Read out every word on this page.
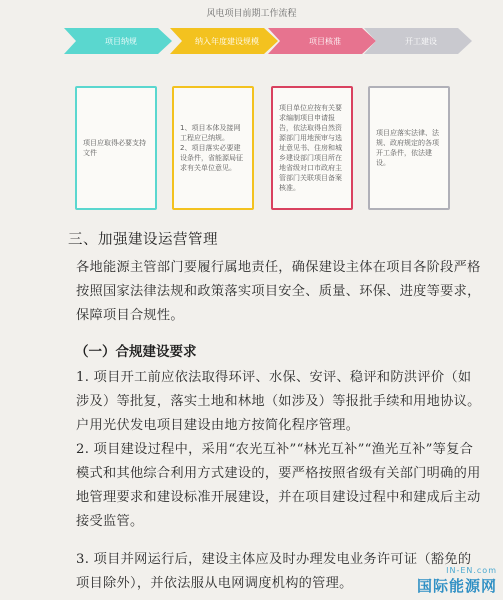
风电项目前期工作流程
项目纳规	纳入年度建设规模	项目核准	开工建设
项目应取得必要支持文件
1、项目本体及接网工程应已纳规。
2、项目落实必要建设条件，省能源局征求有关单位意见。
项目单位应按有关要求编制项目申请报告，依法取得自然资源部门用地预审与选址意见书、住房和城乡建设部门项目所在地省级对口市政府主管部门关联项目备案核准。
项目应落实法律、法规、政府规定的各项开工条件，依法建设。
三、加强建设运营管理
各地能源主管部门要履行属地责任，确保建设主体在项目各阶段严格按照国家法律法规和政策落实项目安全、质量、环保、进度等要求，保障项目合规性。
（一）合规建设要求
1. 项目开工前应依法取得环评、水保、安评、稳评和防洪评价（如涉及）等批复，落实土地和林地（如涉及）等报批手续和用地协议。户用光伏发电项目建设由地方按简化程序管理。
2. 项目建设过程中，采用“农光互补”“林光互补”“渔光互补”等复合模式和其他综合利用方式建设的，要严格按照省级有关部门明确的用地管理要求和建设标准开展建设，并在项目建设过程中和建成后主动接受监管。
3. 项目并网运行后，建设主体应及时办理发电业务许可证（豁免的项目除外），并依法服从电网调度机构的管理。
IN-EN.com
国际能源网
